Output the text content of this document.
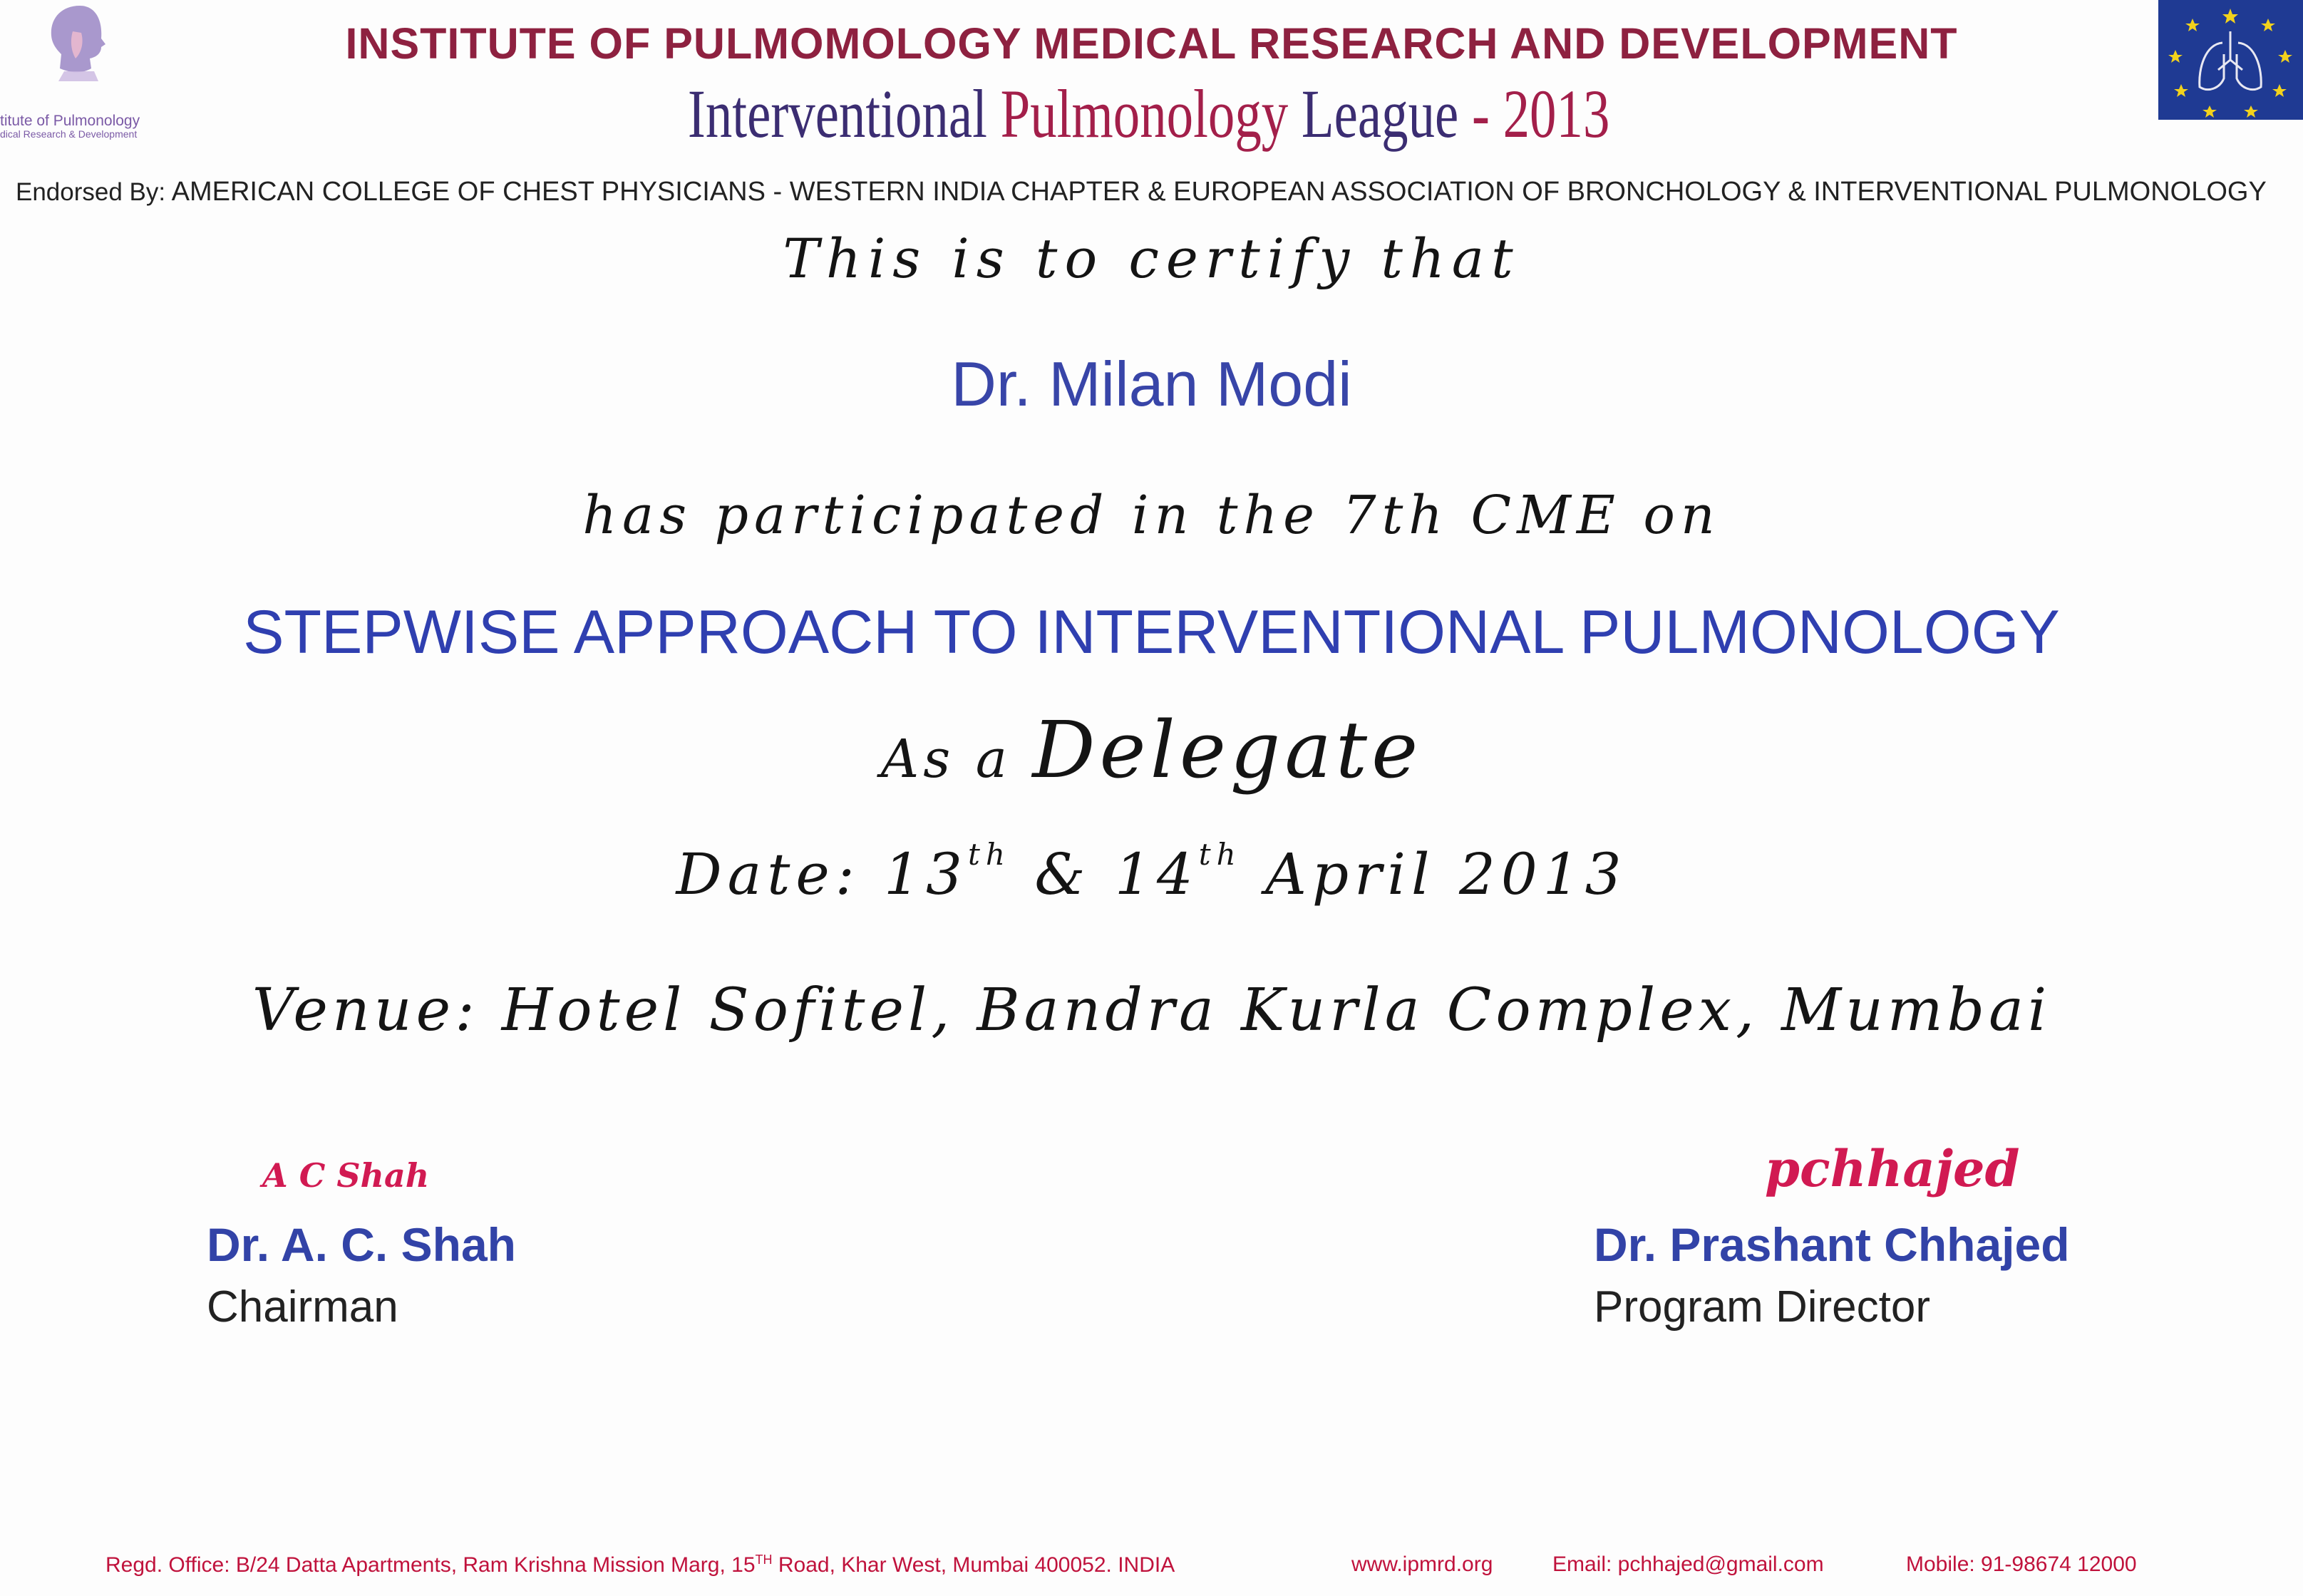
titute of Pulmonology
dical Research & Development
INSTITUTE OF PULMOMOLOGY MEDICAL RESEARCH AND DEVELOPMENT
Interventional Pulmonology League - 2013
Endorsed By: AMERICAN COLLEGE OF CHEST PHYSICIANS - WESTERN INDIA CHAPTER & EUROPEAN ASSOCIATION OF BRONCHOLOGY & INTERVENTIONAL PULMONOLOGY
This is to certify that
Dr. Milan Modi
has participated in the 7th CME on
STEPWISE APPROACH TO INTERVENTIONAL PULMONOLOGY
As a Delegate
Date: 13th & 14th April 2013
Venue: Hotel Sofitel, Bandra Kurla Complex, Mumbai
A C Shah
Dr. A. C. Shah
Chairman
pchhajed
Dr. Prashant Chhajed
Program Director
Regd. Office: B/24 Datta Apartments, Ram Krishna Mission Marg, 15TH Road, Khar West, Mumbai 400052. INDIA	www.ipmrd.org	Email: pchhajed@gmail.com	Mobile: 91-98674 12000
